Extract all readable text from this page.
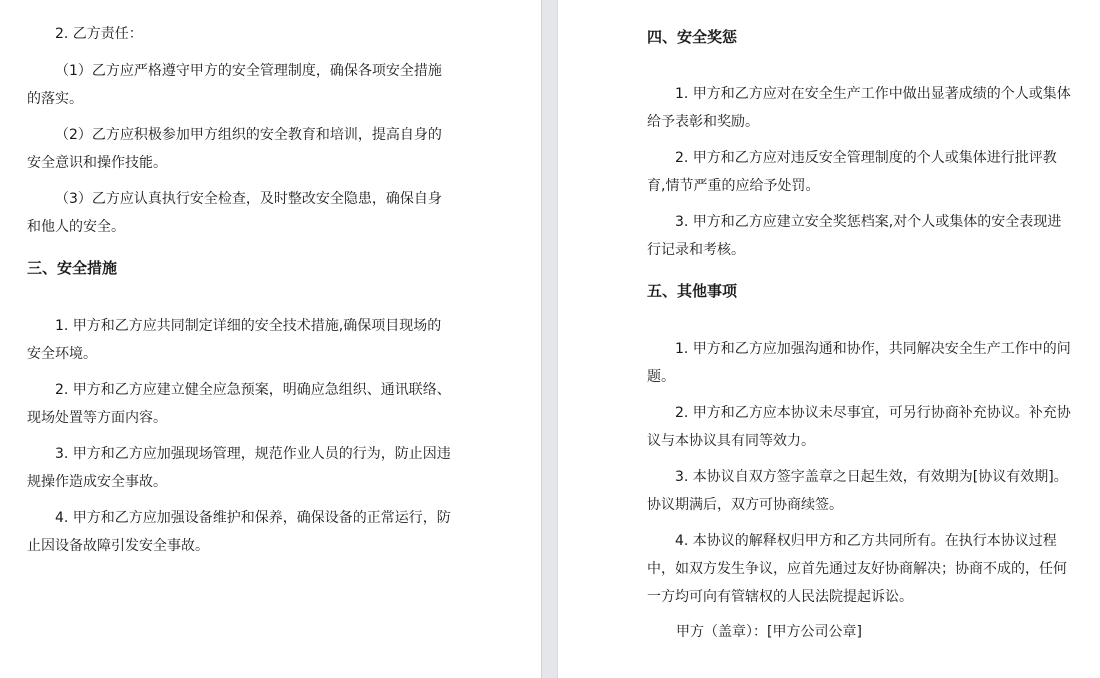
2. 乙方责任：

（1）乙方应严格遵守甲方的安全管理制度，确保各项安全措施的落实。

（2）乙方应积极参加甲方组织的安全教育和培训，提高自身的安全意识和操作技能。

（3）乙方应认真执行安全检查，及时整改安全隐患，确保自身和他人的安全。

三、安全措施

1. 甲方和乙方应共同制定详细的安全技术措施,确保项目现场的安全环境。

2. 甲方和乙方应建立健全应急预案，明确应急组织、通讯联络、现场处置等方面内容。

3. 甲方和乙方应加强现场管理，规范作业人员的行为，防止因违规操作造成安全事故。

4. 甲方和乙方应加强设备维护和保养，确保设备的正常运行，防止因设备故障引发安全事故。

四、安全奖惩

1. 甲方和乙方应对在安全生产工作中做出显著成绩的个人或集体给予表彰和奖励。

2. 甲方和乙方应对违反安全管理制度的个人或集体进行批评教育,情节严重的应给予处罚。

3. 甲方和乙方应建立安全奖惩档案,对个人或集体的安全表现进行记录和考核。

五、其他事项

1. 甲方和乙方应加强沟通和协作，共同解决安全生产工作中的问题。

2. 甲方和乙方应本协议未尽事宜，可另行协商补充协议。补充协议与本协议具有同等效力。

3. 本协议自双方签字盖章之日起生效，有效期为[协议有效期]。协议期满后，双方可协商续签。

4. 本协议的解释权归甲方和乙方共同所有。在执行本协议过程中，如双方发生争议，应首先通过友好协商解决；协商不成的，任何一方均可向有管辖权的人民法院提起诉讼。

甲方（盖章）：[甲方公司公章]
